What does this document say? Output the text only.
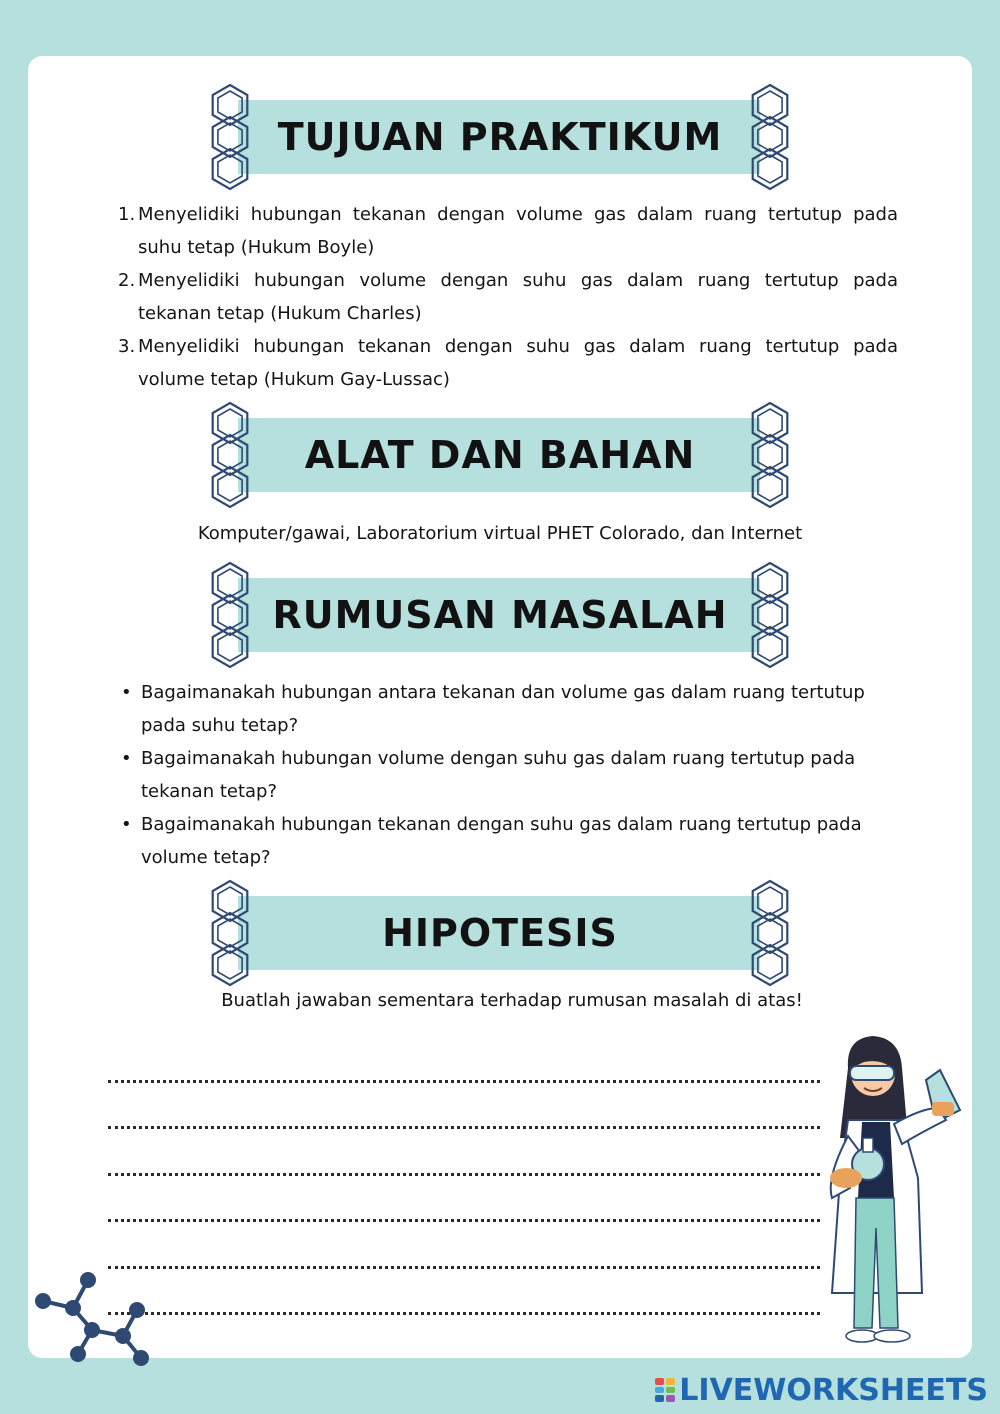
TUJUAN PRAKTIKUM
1. Menyelidiki hubungan tekanan dengan volume gas dalam ruang tertutup pada suhu tetap (Hukum Boyle)
2. Menyelidiki hubungan volume dengan suhu gas dalam ruang tertutup pada tekanan tetap (Hukum Charles)
3. Menyelidiki hubungan tekanan dengan suhu gas dalam ruang tertutup pada volume tetap (Hukum Gay-Lussac)
ALAT DAN BAHAN
Komputer/gawai, Laboratorium virtual PHET Colorado, dan Internet
RUMUSAN MASALAH
• Bagaimanakah hubungan antara tekanan dan volume gas dalam ruang tertutup pada suhu tetap?
• Bagaimanakah hubungan volume dengan suhu gas dalam ruang tertutup pada tekanan tetap?
• Bagaimanakah hubungan tekanan dengan suhu gas dalam ruang tertutup pada volume tetap?
HIPOTESIS
Buatlah jawaban sementara terhadap rumusan masalah di atas!
LIVEWORKSHEETS
